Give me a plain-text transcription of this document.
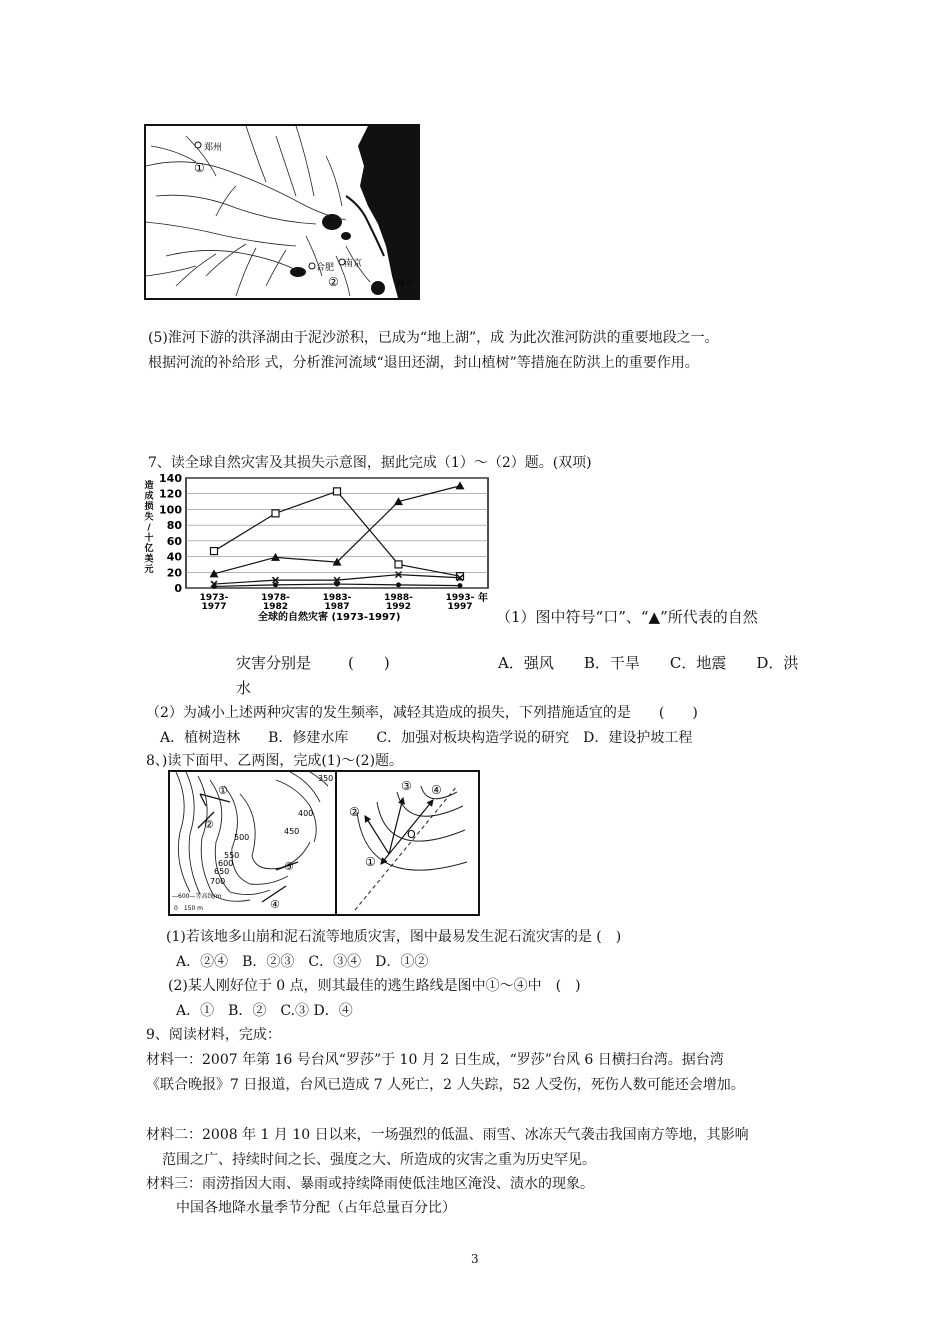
郑州
①
合肥 南京
②	海市
(5)淮河下游的洪泽湖由于泥沙淤积，已成为“地上湖”，成 为此次淮河防洪的重要地段之一。
根据河流的补给形 式，分析淮河流域“退田还湖，封山植树”等措施在防洪上的重要作用。
7、读全球自然灾害及其损失示意图，据此完成（1）～（2）题。(双项)
造
成
损
失
/
十
亿
美
元
0
20
40
60
80
100
120
140
1973-
1977
1978-
1982
1983-
1987
1988-
1992
1993-
1997
年
全球的自然灾害 (1973-1997)	（1）图中符号“口”、“▲”所代表的自然
灾害分别是 (　　)	A．强风　　B．干旱　　C．地震　　D．洪
水
（2）为减小上述两种灾害的发生频率，减轻其造成的损失，下列措施适宜的是　　(　　)
A．植树造林　　B．修建水库　　C．加强对板块构造学说的研究　D．建设护坡工程
8、)读下面甲、乙两图，完成(1)～(2)题。
350
400
450
500
550
600
650
700
①
②
③
④
—600—等高线/m
0　150 m
①
②
③ ④
O
(1)若该地多山崩和泥石流等地质灾害，图中最易发生泥石流灾害的是 (　)
A．②④　B．②③　C．③④　D．①②
(2)某人刚好位于 0 点，则其最佳的逃生路线是图中①～④中　(　)
A．①　B．②　C.③ D．④
9、阅读材料，完成：
材料一：2007 年第 16 号台风“罗莎”于 10 月 2 日生成，“罗莎”台风 6 日横扫台湾。据台湾
《联合晚报》7 日报道，台风已造成 7 人死亡，2 人失踪，52 人受伤，死伤人数可能还会增加。
材料二：2008 年 1 月 10 日以来，一场强烈的低温、雨雪、冰冻天气袭击我国南方等地，其影响
范围之广、持续时间之长、强度之大、所造成的灾害之重为历史罕见。
材料三：雨涝指因大雨、暴雨或持续降雨使低洼地区淹没、渍水的现象。
中国各地降水量季节分配（占年总量百分比）
3
